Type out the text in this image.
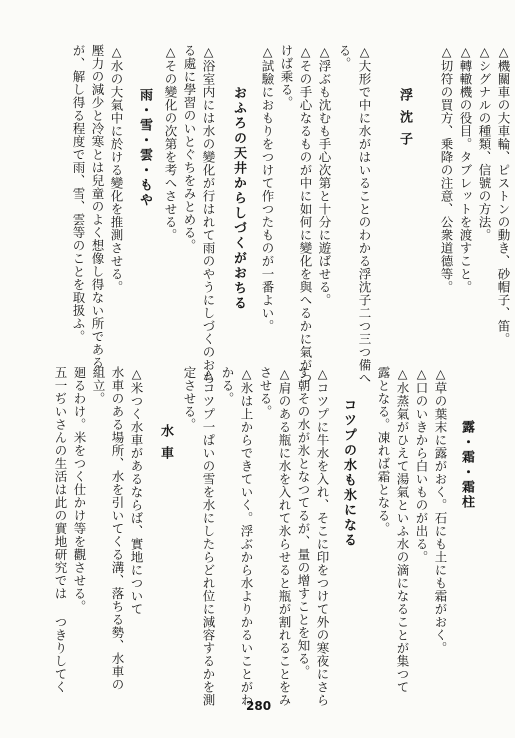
△機關車の大車輪、ピストンの動き、砂帽子、笛。
△シグナルの種類、信號の方法。
△轉轍機の役目。タブレットを渡すこと。
△切符の買方、乗降の注意、公衆道德等。
浮沈子
△大形で中に水がはいることのわかる浮沈子二つ三つ備へ
る。
△浮ぶも沈むも手心次第と十分に遊ばせる。
△その手心なるものが中に如何に變化を與へるかに氣がつ
けば乘る。
△試驗におもりをつけて作つたものが一番よい。
おふろの天井からしづくがおちる
△浴室内には水の變化が行はれて雨のやうにしづくのおち
る處に學習のいとぐちをみとめる。
△その變化の次第を考へさせる。
雨・雪・雲・もや
△水の大氣中に於ける變化を推測させる。
壓力の減少と冷寒とは兒童のよく想像し得ない所である
が、解し得る程度で雨、雪、雲等のことを取扱ふ。
露・霜・霜柱
△草の葉末に露がおく。石にも土にも霜がおく。
△口のいきから白いものが出る。
△水蒸氣がひえて湯氣といふ水の滴になることが集つて
露となる。凍れば霜となる。
コツプの水も氷になる
△コツプに牛水を入れ、そこに印をつけて外の寒夜にさら
す朝その水が氷となつてるが、量の增すことを知る。
△肩のある瓶に水を入れて氷らせると瓶が割れることをみ
させる。
△氷は上からできていく。浮ぶから水よりかるいことがわ
かる。
△コツプ一ぱいの雪を水にしたらどれ位に減容するかを測
定させる。
水車
△米つく水車があるならば、實地について
水車のある場所、水を引いてくる溝、落ちる勢、水車の
組立。
廻るわけ。米をつく仕かけ等を觀させる。
五一ぢいさんの生活は此の實地研究では つきりしてく
280
